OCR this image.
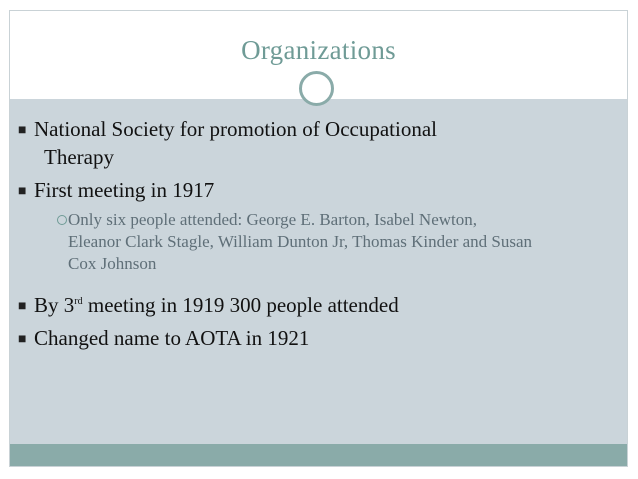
Organizations
■ National Society for promotion of Occupational
Therapy
■ First meeting in 1917
Only six people attended: George E. Barton, Isabel Newton,
Eleanor Clark Stagle, William Dunton Jr, Thomas Kinder and Susan
Cox Johnson
■ By 3rd meeting in 1919 300 people attended
■ Changed name to AOTA in 1921
